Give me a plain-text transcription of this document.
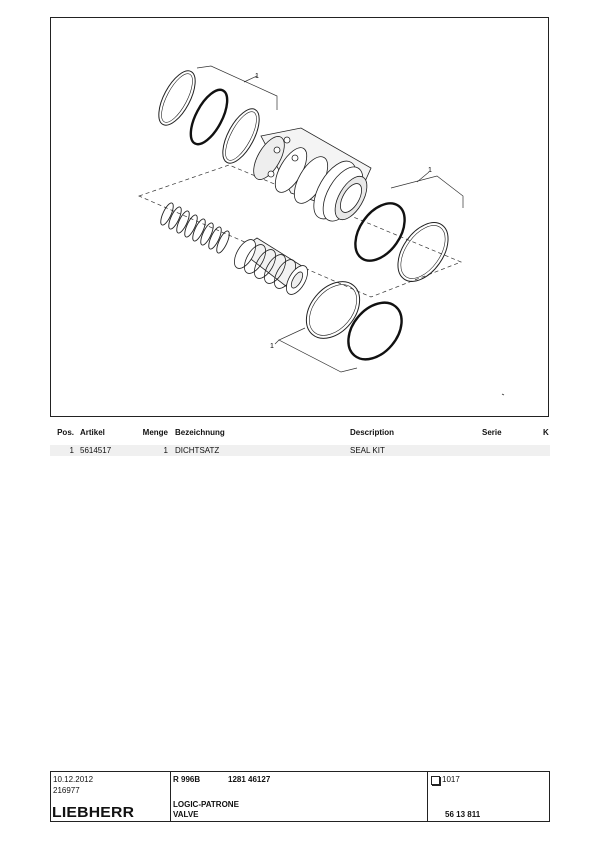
1
1
1
Pos. Artikel	Menge Bezeichnung	Description	Serie	K
1 5614517	1 DICHTSATZ	SEAL KIT
10.12.2012
216977
LIEBHERR
R 996B	1281 46127
LOGIC-PATRONE
VALVE
1017
56 13 811
